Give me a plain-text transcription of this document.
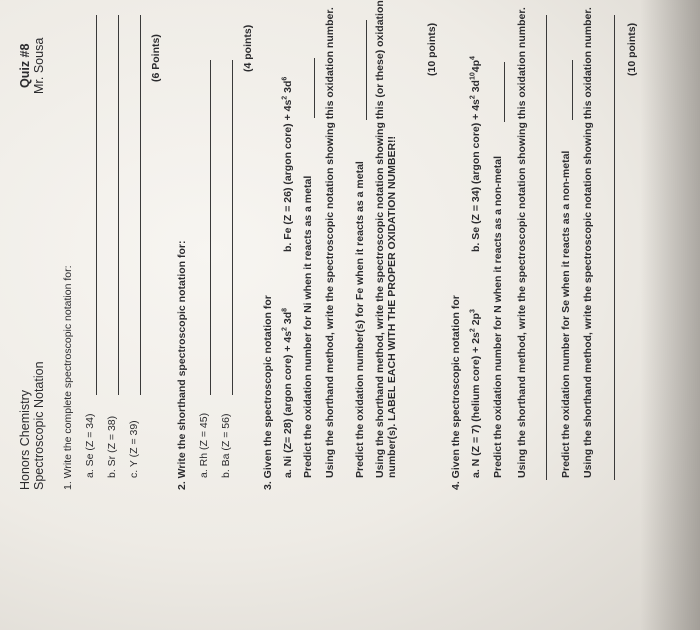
Honors Chemistry Spectroscopic Notation
Quiz #8 Mr. Sousa
1. Write the complete spectroscopic notation for: a. Se (Z = 34) b. Sr (Z = 38) c. Y (Z = 39)
(6 Points)
2. Write the shorthand spectroscopic notation for: a. Rh (Z = 45) b. Ba (Z = 56)
(4 points)
3. Given the spectroscopic notation for a. Ni (Z= 28) (argon core) + $4s^2$ $3d^8$
b. Fe (Z = 26) (argon core) + $4s^2$ $3d^6$
Predict the oxidation number for Ni when it reacts as a metal Using the shorthand method, write the spectroscopic notation showing this oxidation number. Predict the oxidation number(s) for Fe when it reacts as a metal Using the shorthand method, write the spectroscopic notation showing this (or these) oxidation number(s). LABEL EACH WITH THE PROPER OXIDATION NUMBER!!
(10 points)
4. Given the spectroscopic notation for a. N (Z = 7) (helium core) + $2s^2$ $2p^3$
b. Se (Z = 34) (argon core) + $4s^2$ $3d^{10}4p^4$
Predict the oxidation number for N when it reacts as a non-metal Using the shorthand method, write the spectroscopic notation showing this oxidation number.	Predict the oxidation number for Se when it reacts as a non-metal Using the shorthand method, write the spectroscopic notation showing this oxidation number.	(10 points)
